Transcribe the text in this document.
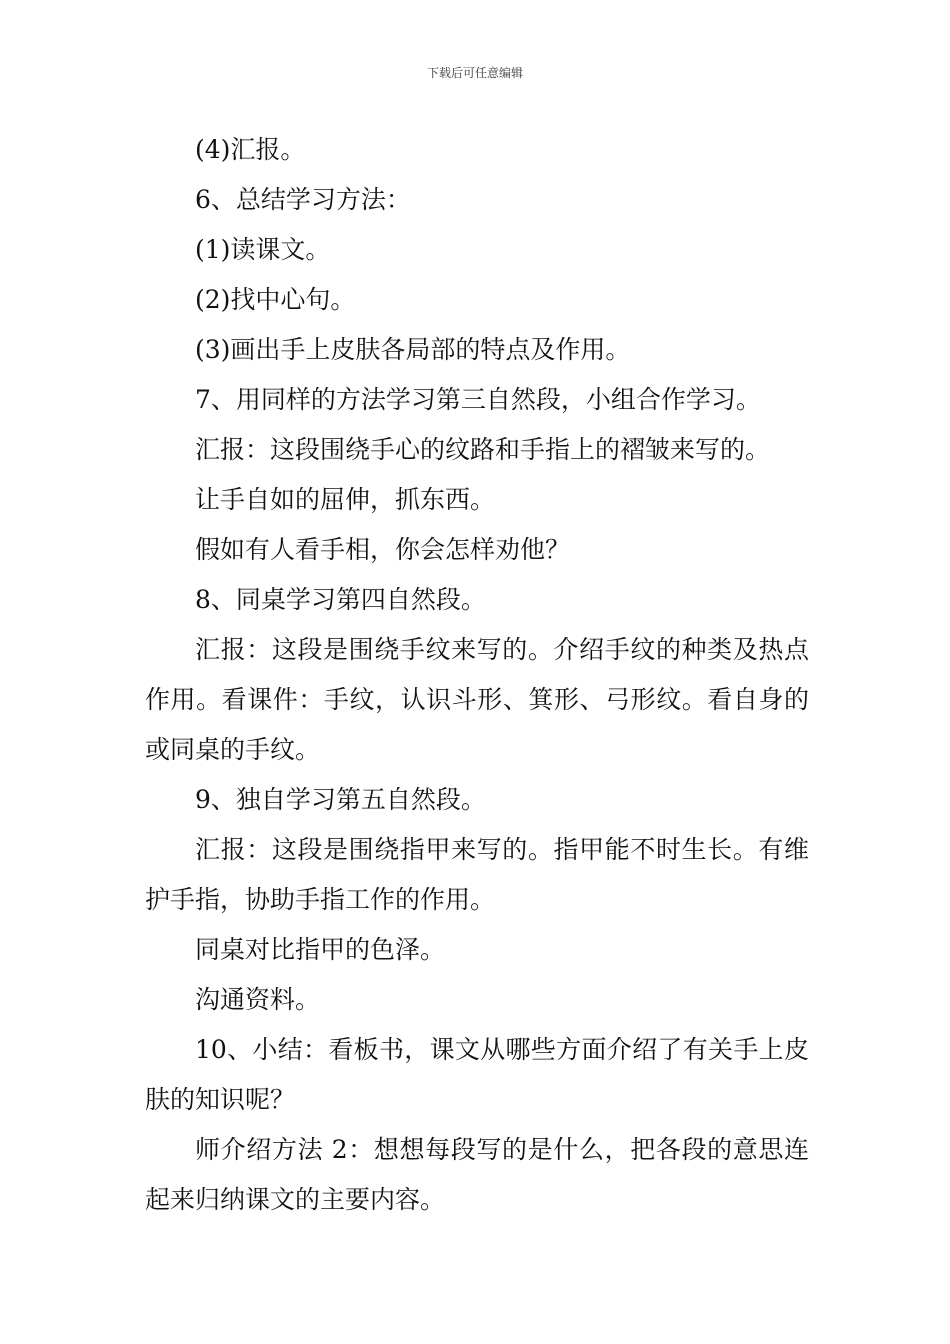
下载后可任意编辑

(4)汇报。

6、总结学习方法：

(1)读课文。

(2)找中心句。

(3)画出手上皮肤各局部的特点及作用。

7、用同样的方法学习第三自然段，小组合作学习。

汇报：这段围绕手心的纹路和手指上的褶皱来写的。

让手自如的屈伸，抓东西。

假如有人看手相，你会怎样劝他？

8、同桌学习第四自然段。

汇报：这段是围绕手纹来写的。介绍手纹的种类及热点作用。看课件：手纹，认识斗形、箕形、弓形纹。看自身的或同桌的手纹。

9、独自学习第五自然段。

汇报：这段是围绕指甲来写的。指甲能不时生长。有维护手指，协助手指工作的作用。

同桌对比指甲的色泽。

沟通资料。

10、小结：看板书，课文从哪些方面介绍了有关手上皮肤的知识呢？

师介绍方法 2：想想每段写的是什么，把各段的意思连起来归纳课文的主要内容。
